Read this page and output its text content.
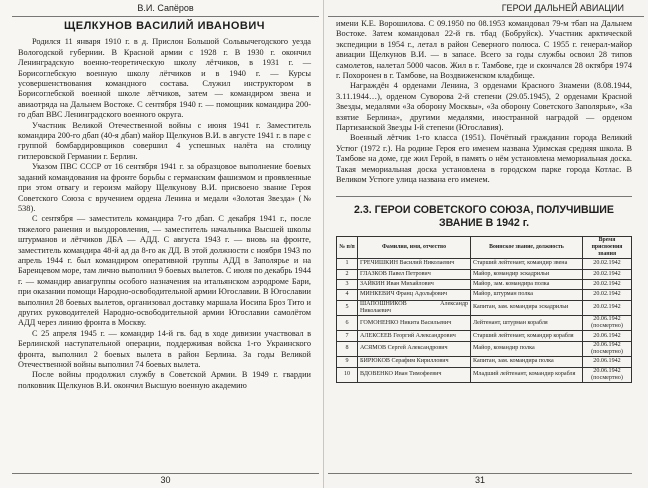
В.И. Сапёров
ЩЕЛКУНОВ ВАСИЛИЙ ИВАНОВИЧ

Родился 11 января 1910 г. в д. Прислон Большой Сольвычегодского уезда Вологодской губернии. В Красной армии с 1928 г. В 1930 г. окончил Ленинградскую военно-теоретическую школу лётчиков, в 1931 г. — Борисоглебскую военную школу лётчиков и в 1940 г. — Курсы усовершенствования командного состава. Служил инструктором в Борисоглебской военной школе лётчиков, затем — командиром звена и авиаотряда на Дальнем Востоке. С сентября 1940 г. — помощник командира 200-го дбап ВВС Ленинградского военного округа.

Участник Великой Отечественной войны с июня 1941 г. Заместитель командира 200-го дбап (40-я дбап) майор Щелкунов В.И. в августе 1941 г. в паре с группой бомбардировщиков совершил 4 успешных налёта на столицу гитлеровской Германии г. Берлин.

Указом ПВС СССР от 16 сентября 1941 г. за образцовое выполнение боевых заданий командования на фронте борьбы с германским фашизмом и проявленные при этом отвагу и героизм майору Щелкунову В.И. присвоено звание Героя Советского Союза с вручением ордена Ленина и медали «Золотая Звезда» (№ 538).

С сентября — заместитель командира 7-го дбап. С декабря 1941 г., после тяжелого ранения и выздоровления, — заместитель начальника Высшей школы штурманов и лётчиков ДБА — АДД. С августа 1943 г. — вновь на фронте, заместитель командира 48-й ад да 8-го ак ДД. В этой должности с ноября 1943 по апрель 1944 г. был командиром оперативной группы АДД в Заполярье и на Баренцевом море, там лично выполнил 9 боевых вылетов. С июля по декабрь 1944 г. — командир авиагруппы особого назначения на итальянском аэродроме Бари, при оказании помощи Народно-освободительной армии Югославии. В Югославии выполнил 28 боевых вылетов, организовал доставку маршала Иосипа Броз Тито и других руководителей Народно-освободительной армии Югославии самолётом АДД через линию фронта в Москву.

С 25 апреля 1945 г. — командир 14-й гв. бад в ходе дивизии участвовал в Берлинской наступательной операции, поддерживая войска 1-го Украинского фронта, выполнил 2 боевых вылета в район Берлина. За годы Великой Отечественной войны выполнил 74 боевых вылета.

После войны продолжил службу в Советской Армии. В 1949 г. гвардии полковник Щелкунов В.И. окончил Высшую военную академию

30
ГЕРОИ ДАЛЬНЕЙ АВИАЦИИ

имени К.Е. Ворошилова. С 09.1950 по 08.1953 командовал 79-м тбап на Дальнем Востоке. Затем командовал 22-й гв. тбад (Бобруйск). Участник арктической экспедиции в 1954 г., летал в район Северного полюса. С 1955 г. генерал-майор авиации Щелкунов В.И. — в запасе. Всего за годы службы освоил 28 типов самолетов, налетал 5000 часов. Жил в г. Тамбове, где и скончался 28 октября 1974 г. Похоронен в г. Тамбове, на Воздвиженском кладбище.

Награждён 4 орденами Ленина, 3 орденами Красного Знамени (8.08.1944, 3.11.1944…), орденом Суворова 2-й степени (29.05.1945), 2 орденами Красной Звезды, медалями «За оборону Москвы», «За оборону Советского Заполярья», «За взятие Берлина», другими медалями, иностранной наградой — орденом Партизанской Звезды I-й степени (Югославия).

Военный лётчик 1-го класса (1951). Почётный гражданин города Великий Устюг (1972 г.). На родине Героя его именем названа Удимская средняя школа. В Тамбове на доме, где жил Герой, в память о нём установлена мемориальная доска. Такая мемориальная доска установлена в городском парке города Котлас. В Великом Устюге улица названа его именем.

2.3. ГЕРОИ СОВЕТСКОГО СОЮЗА, ПОЛУЧИВШИЕ ЗВАНИЕ В 1942 г.
№ п/п	Фамилия, имя, отчество	Воинское звание, должность	Время присвоения звания
1	ГРЕЧИШКИН Василий Николаевич	Старший лейтенант, командир звена	20.02.1942
2	ГЛАЗКОВ Павел Петрович	Майор, командир эскадрильи	20.02.1942
3	ЗАЙКИН Иван Михайлович	Майор, зам. командира полка	20.02.1942
4	МИНКЕВИЧ Франц Адольфович	Майор, штурман полка	20.02.1942
5	ШАПОШНИКОВ Александр Николаевич	Капитан, зам. командира эскадрильи	20.02.1942
6	ГОМОНЕНКО Никита Васильевич	Лейтенант, штурман корабля	20.06.1942 (посмертно)
7	АЛЕКСЕЕВ Георгий Александрович	Старший лейтенант, командир корабля	20.06.1942
8	АСЯМОВ Сергей Александрович	Майор, командир полка	20.06.1942 (посмертно)
9	БИРЮКОВ Серафим Кириллович	Капитан, зам. командира полка	20.06.1942
10	ВДОВЕНКО Иван Тимофеевич	Младший лейтенант, командир корабля	20.06.1942 (посмертно)
31
